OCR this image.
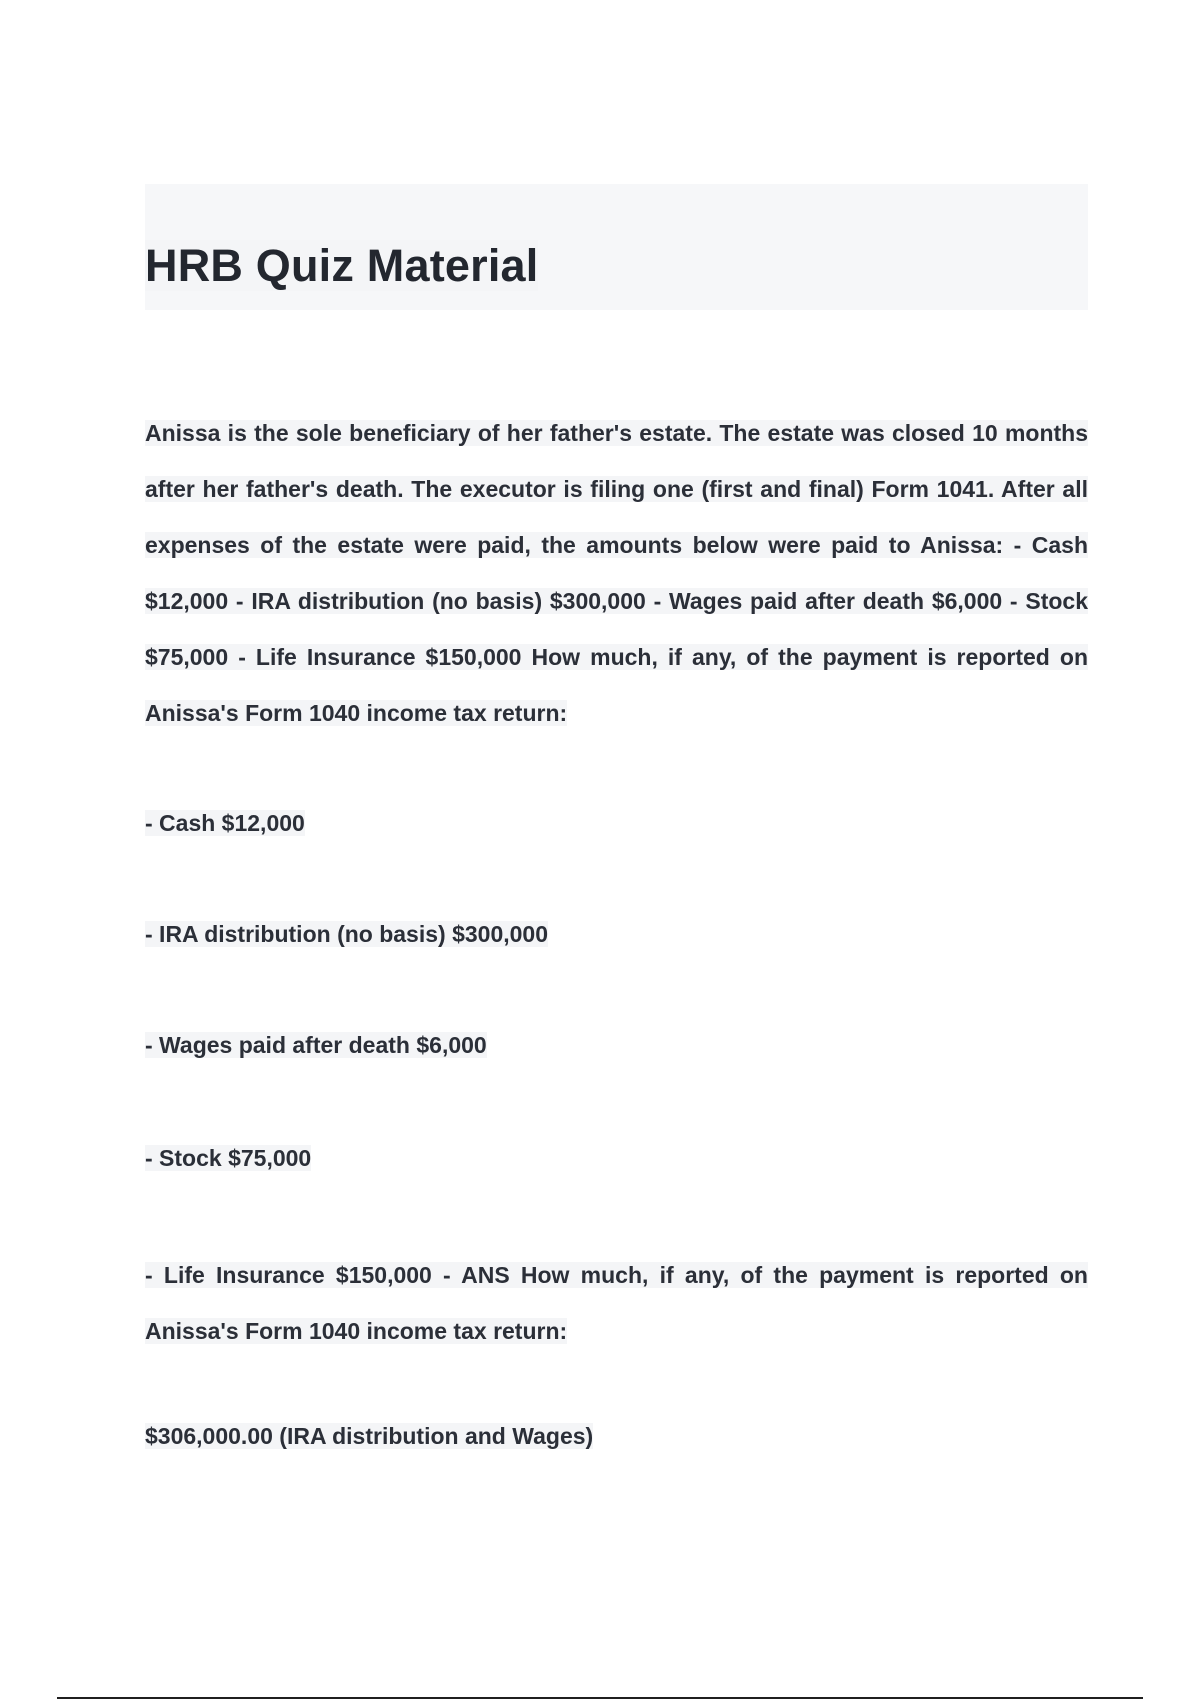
HRB Quiz Material

Anissa is the sole beneficiary of her father's estate. The estate was closed 10 months after her father's death. The executor is filing one (first and final) Form 1041. After all expenses of the estate were paid, the amounts below were paid to Anissa: - Cash $12,000 - IRA distribution (no basis) $300,000 - Wages paid after death $6,000 - Stock $75,000 - Life Insurance $150,000 How much, if any, of the payment is reported on Anissa's Form 1040 income tax return:

- Cash $12,000

- IRA distribution (no basis) $300,000

- Wages paid after death $6,000

- Stock $75,000

- Life Insurance $150,000 - ANS How much, if any, of the payment is reported on Anissa's Form 1040 income tax return:

$306,000.00 (IRA distribution and Wages)
